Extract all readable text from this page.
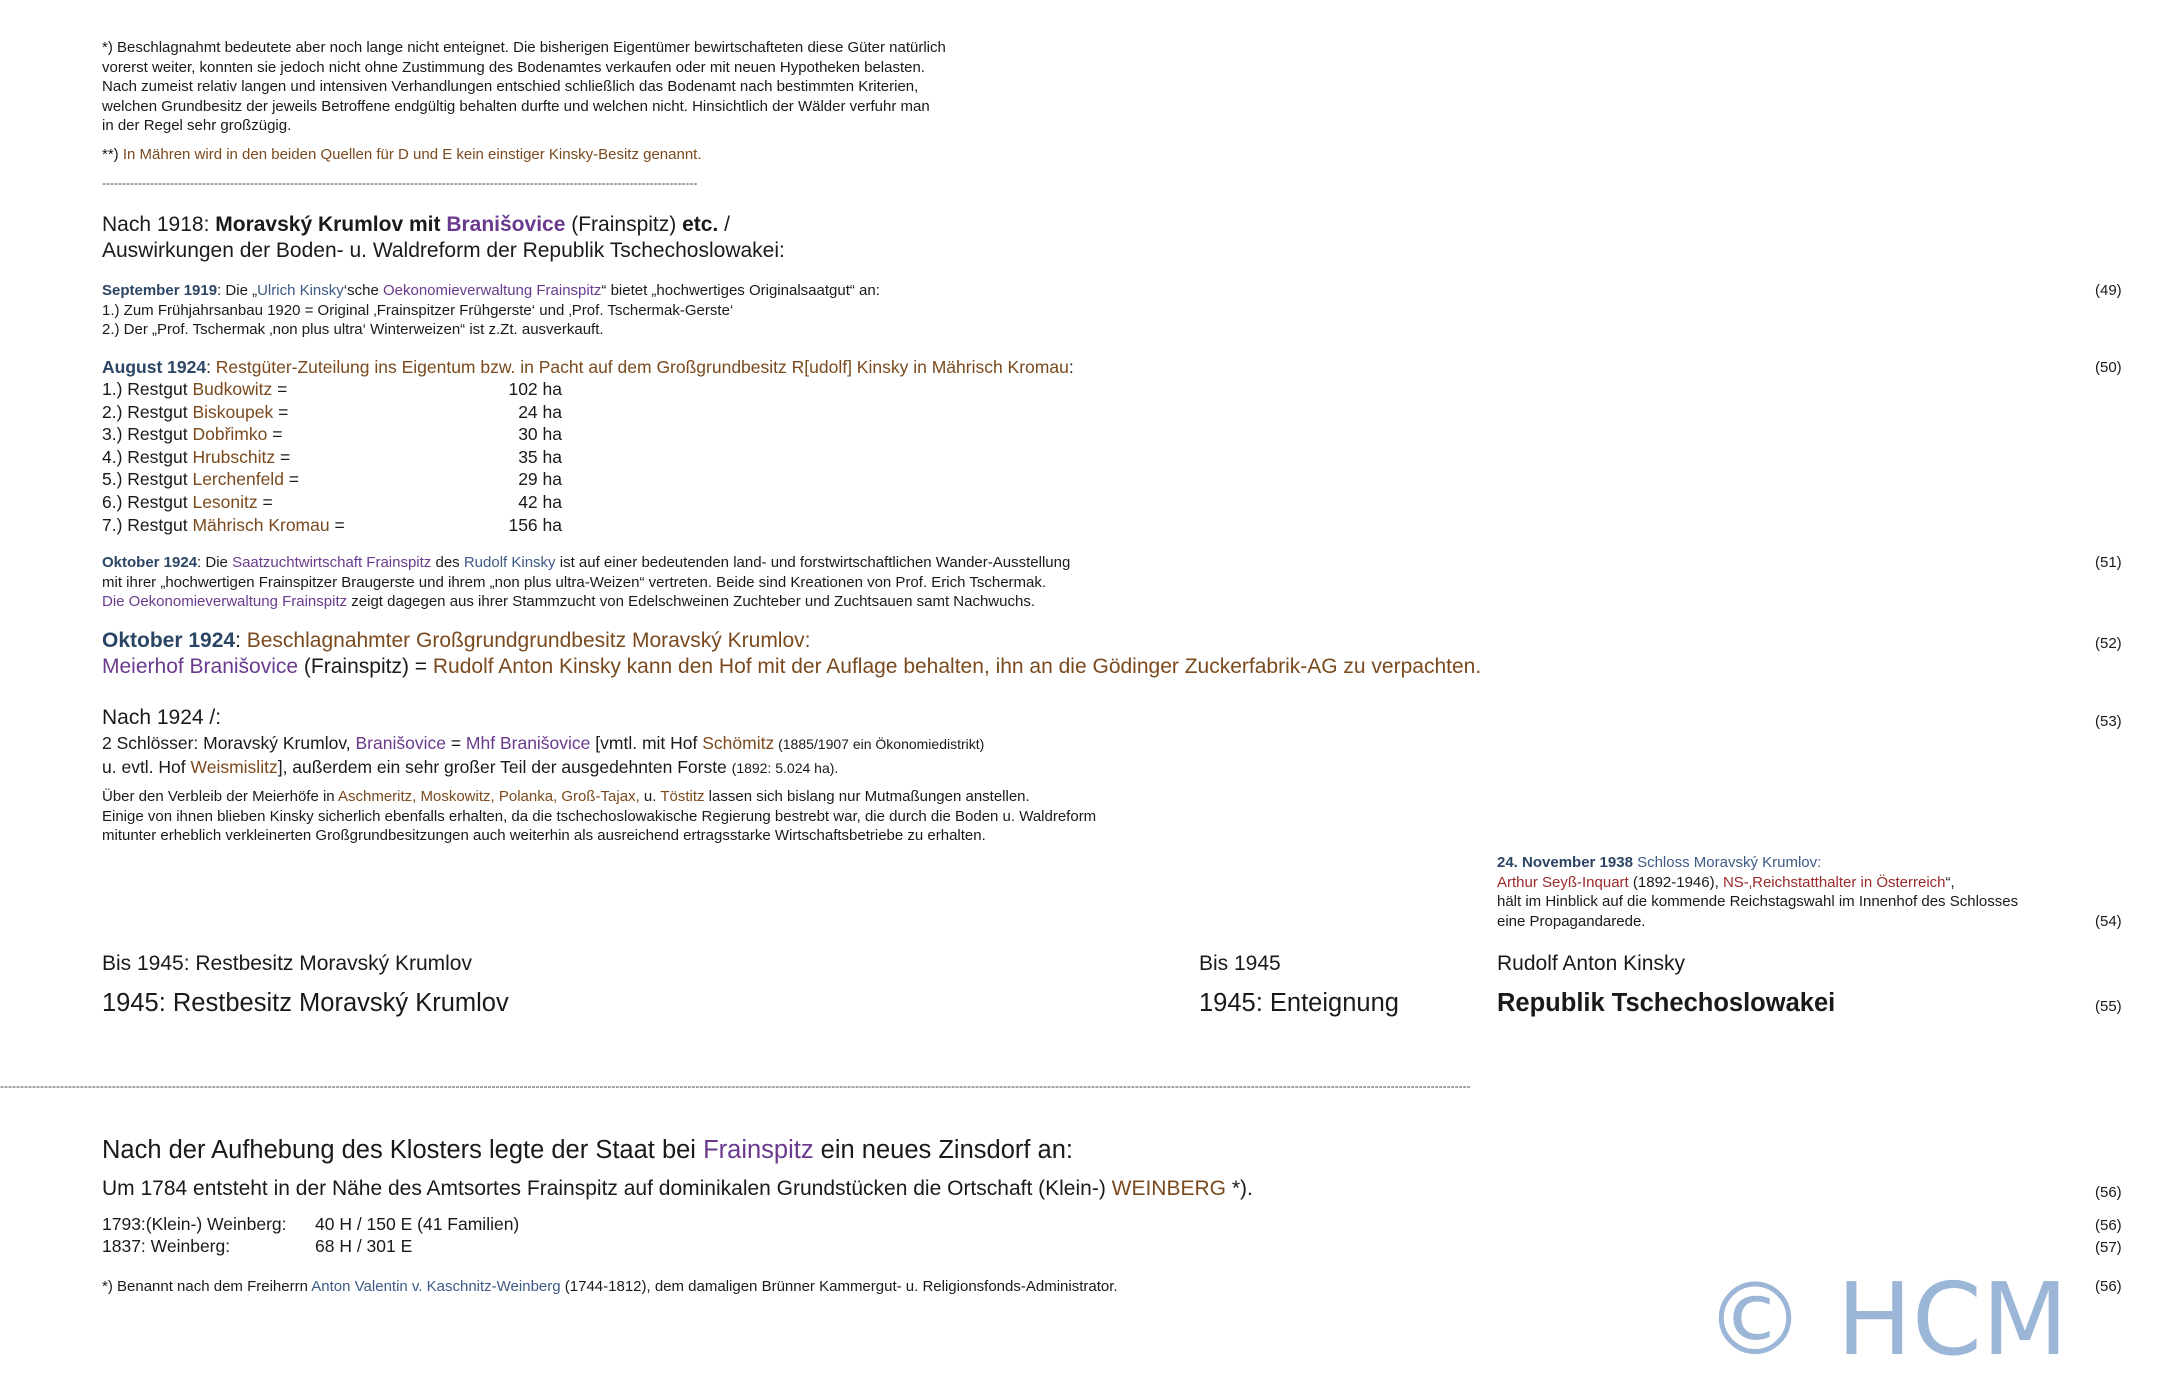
*) Beschlagnahmt bedeutete aber noch lange nicht enteignet. Die bisherigen Eigentümer bewirtschafteten diese Güter natürlich
vorerst weiter, konnten sie jedoch nicht ohne Zustimmung des Bodenamtes verkaufen oder mit neuen Hypotheken belasten.
Nach zumeist relativ langen und intensiven Verhandlungen entschied schließlich das Bodenamt nach bestimmten Kriterien,
welchen Grundbesitz der jeweils Betroffene endgültig behalten durfte und welchen nicht. Hinsichtlich der Wälder verfuhr man
in der Regel sehr großzügig.
**) In Mähren wird in den beiden Quellen für D und E kein einstiger Kinsky-Besitz genannt.
-----------------------------------------------------------------------------------------------------------------------------------------------------
Nach 1918: Moravský Krumlov mit Branišovice (Frainspitz) etc. /
Auswirkungen der Boden- u. Waldreform der Republik Tschechoslowakei:
September 1919: Die „Ulrich Kinsky‘sche Oekonomieverwaltung Frainspitz“ bietet „hochwertiges Originalsaatgut“ an:
1.) Zum Frühjahrsanbau 1920 = Original ‚Frainspitzer Frühgerste‘ und ‚Prof. Tschermak-Gerste‘
2.) Der „Prof. Tschermak ‚non plus ultra‘ Winterweizen“ ist z.Zt. ausverkauft.
(49)
August 1924: Restgüter-Zuteilung ins Eigentum bzw. in Pacht auf dem Großgrundbesitz R[udolf] Kinsky in Mährisch Kromau:	(50)
1.) Restgut Budkowitz =	102 ha
2.) Restgut Biskoupek =	24 ha
3.) Restgut Dobřimko =	30 ha
4.) Restgut Hrubschitz =	35 ha
5.) Restgut Lerchenfeld =	29 ha
6.) Restgut Lesonitz =	42 ha
7.) Restgut Mährisch Kromau =	156 ha
Oktober 1924: Die Saatzuchtwirtschaft Frainspitz des Rudolf Kinsky ist auf einer bedeutenden land- und forstwirtschaftlichen Wander-Ausstellung
mit ihrer „hochwertigen Frainspitzer Braugerste und ihrem „non plus ultra-Weizen“ vertreten. Beide sind Kreationen von Prof. Erich Tschermak.
Die Oekonomieverwaltung Frainspitz zeigt dagegen aus ihrer Stammzucht von Edelschweinen Zuchteber und Zuchtsauen samt Nachwuchs.
(51)
Oktober 1924: Beschlagnahmter Großgrundgrundbesitz Moravský Krumlov:
Meierhof Branišovice (Frainspitz) = Rudolf Anton Kinsky kann den Hof mit der Auflage behalten, ihn an die Gödinger Zuckerfabrik-AG zu verpachten.
(52)
Nach 1924 /:	(53)
2 Schlösser: Moravský Krumlov, Branišovice = Mhf Branišovice [vmtl. mit Hof Schömitz (1885/1907 ein Ökonomiedistrikt)
u. evtl. Hof Weismislitz], außerdem ein sehr großer Teil der ausgedehnten Forste (1892: 5.024 ha).
Über den Verbleib der Meierhöfe in Aschmeritz, Moskowitz, Polanka, Groß-Tajax, u. Töstitz lassen sich bislang nur Mutmaßungen anstellen.
Einige von ihnen blieben Kinsky sicherlich ebenfalls erhalten, da die tschechoslowakische Regierung bestrebt war, die durch die Boden u. Waldreform
mitunter erheblich verkleinerten Großgrundbesitzungen auch weiterhin als ausreichend ertragsstarke Wirtschaftsbetriebe zu erhalten.
24. November 1938 Schloss Moravský Krumlov:
Arthur Seyß-Inquart (1892-1946), NS-‚Reichstatthalter in Österreich“,
hält im Hinblick auf die kommende Reichstagswahl im Innenhof des Schlosses
eine Propagandarede.	(54)
Bis 1945: Restbesitz Moravský Krumlov	Bis 1945	Rudolf Anton Kinsky
1945: Restbesitz Moravský Krumlov	1945: Enteignung	Republik Tschechoslowakei	(55)
--------------------------------------------------------------------------------------------------------------------------------------------------------------------------------------------------------------------------------------------------------------------------------------------------------------------------------------------------------------------------------
Nach der Aufhebung des Klosters legte der Staat bei Frainspitz ein neues Zinsdorf an:
Um 1784 entsteht in der Nähe des Amtsortes Frainspitz auf dominikalen Grundstücken die Ortschaft (Klein-) WEINBERG *).	(56)
1793:(Klein-) Weinberg: 40 H / 150 E (41 Familien)	(56)
1837: Weinberg:	68 H / 301 E	(57)
*) Benannt nach dem Freiherrn Anton Valentin v. Kaschnitz-Weinberg (1744-1812), dem damaligen Brünner Kammergut- u. Religionsfonds-Administrator.	(56)
© HCM
